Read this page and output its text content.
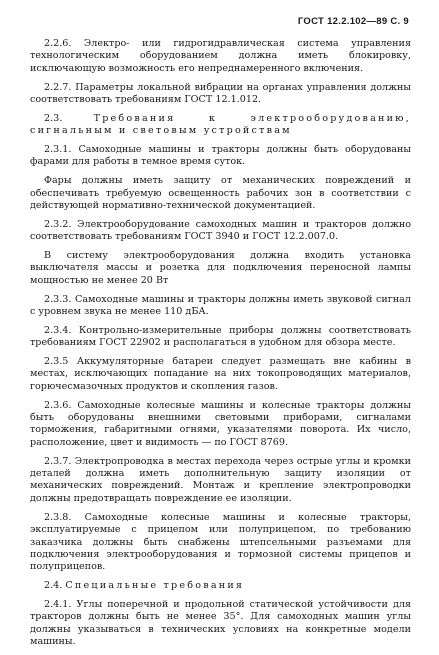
ГОСТ 12.2.102—89 С. 9

2.2.6. Электро- или гидрогидравлическая система управления технологическим оборудованием должна иметь блокировку, исключающую возможность его непреднамеренного включения.

2.2.7. Параметры локальной вибрации на органах управления должны соответствовать требованиям ГОСТ 12.1.012.

2.3.	Требования к электрооборудованию, сигнальным и световым устройствам

2.3.1. Самоходные машины и тракторы должны быть оборудованы фарами для работы в темное время суток.

Фары должны иметь защиту от механических повреждений и обеспечивать требуемую освещенность рабочих зон в соответствии с действующей нормативно-технической документацией.

2.3.2. Электрооборудование самоходных машин и тракторов должно соответствовать требованиям ГОСТ 3940 и ГОСТ 12.2.007.0.

В систему электрооборудования должна входить установка выключателя массы и розетка для подключения переносной лампы мощностью не менее 20 Вт

2.3.3. Самоходные машины и тракторы должны иметь звуковой сигнал с уровнем звука не менее 110 дБА.

2.3.4. Контрольно-измерительные приборы должны соответствовать требованиям ГОСТ 22902 и располагаться в удобном для обзора месте.

2.3.5 Аккумуляторные батареи следует размещать вне кабины в местах, исключающих попадание на них токопроводящих материалов, горючесмазочных продуктов и скопления газов.

2.3.6. Самоходные колесные машины и колесные тракторы должны быть оборудованы внешними световыми приборами, сигналами торможения, габаритными огнями, указателями поворота. Их число, расположение, цвет и видимость — по ГОСТ 8769.

2.3.7. Электропроводка в местах перехода через острые углы и кромки деталей должна иметь дополнительную защиту изоляции от механических повреждений. Монтаж и крепление электропроводки должны предотвращать повреждение ее изоляции.

2.3.8. Самоходные колесные машины и колесные тракторы, эксплуатируемые с прицепом или полуприцепом, по требованию заказчика должны быть снабжены штепсельными разъемами для подключения электрооборудования и тормозной системы прицепов и полуприцепов.

2.4. Специальные требования

2.4.1. Углы поперечной и продольной статической устойчивости для тракторов должны быть не менее 35°. Для самоходных машин углы должны указываться в технических условиях на конкретные модели машины.
